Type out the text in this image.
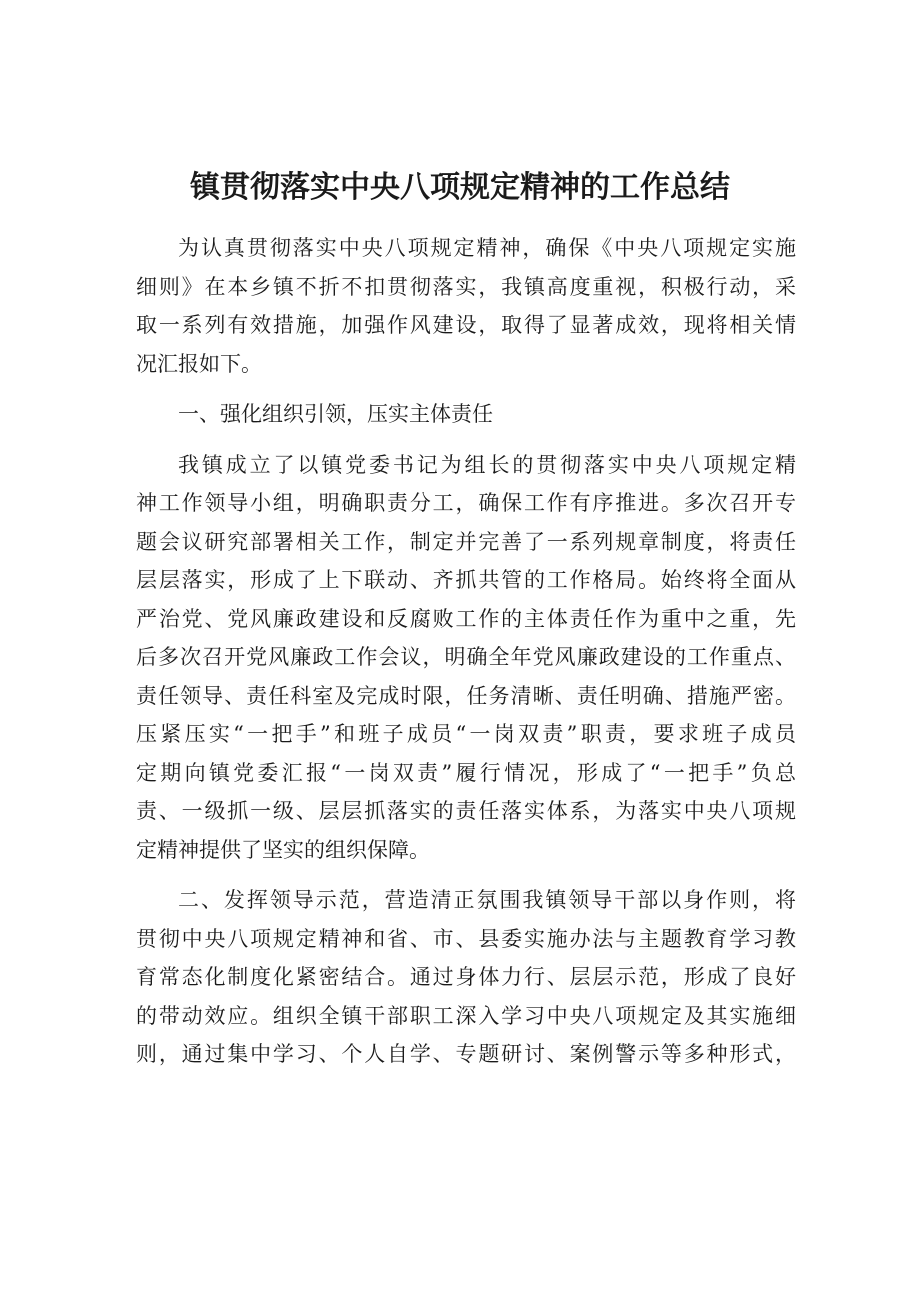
镇贯彻落实中央八项规定精神的工作总结
为认真贯彻落实中央八项规定精神，确保《中央八项规定实施
细则》在本乡镇不折不扣贯彻落实，我镇高度重视，积极行动，采
取一系列有效措施，加强作风建设，取得了显著成效，现将相关情
况汇报如下。
一、强化组织引领，压实主体责任
我镇成立了以镇党委书记为组长的贯彻落实中央八项规定精
神工作领导小组，明确职责分工，确保工作有序推进。多次召开专
题会议研究部署相关工作，制定并完善了一系列规章制度，将责任
层层落实，形成了上下联动、齐抓共管的工作格局。始终将全面从
严治党、党风廉政建设和反腐败工作的主体责任作为重中之重，先
后多次召开党风廉政工作会议，明确全年党风廉政建设的工作重点、
责任领导、责任科室及完成时限，任务清晰、责任明确、措施严密。
压紧压实“一把手”和班子成员“一岗双责”职责，要求班子成员
定期向镇党委汇报“一岗双责”履行情况，形成了“一把手”负总
责、一级抓一级、层层抓落实的责任落实体系，为落实中央八项规
定精神提供了坚实的组织保障。
二、发挥领导示范，营造清正氛围我镇领导干部以身作则，将
贯彻中央八项规定精神和省、市、县委实施办法与主题教育学习教
育常态化制度化紧密结合。通过身体力行、层层示范，形成了良好
的带动效应。组织全镇干部职工深入学习中央八项规定及其实施细
则，通过集中学习、个人自学、专题研讨、案例警示等多种形式，
